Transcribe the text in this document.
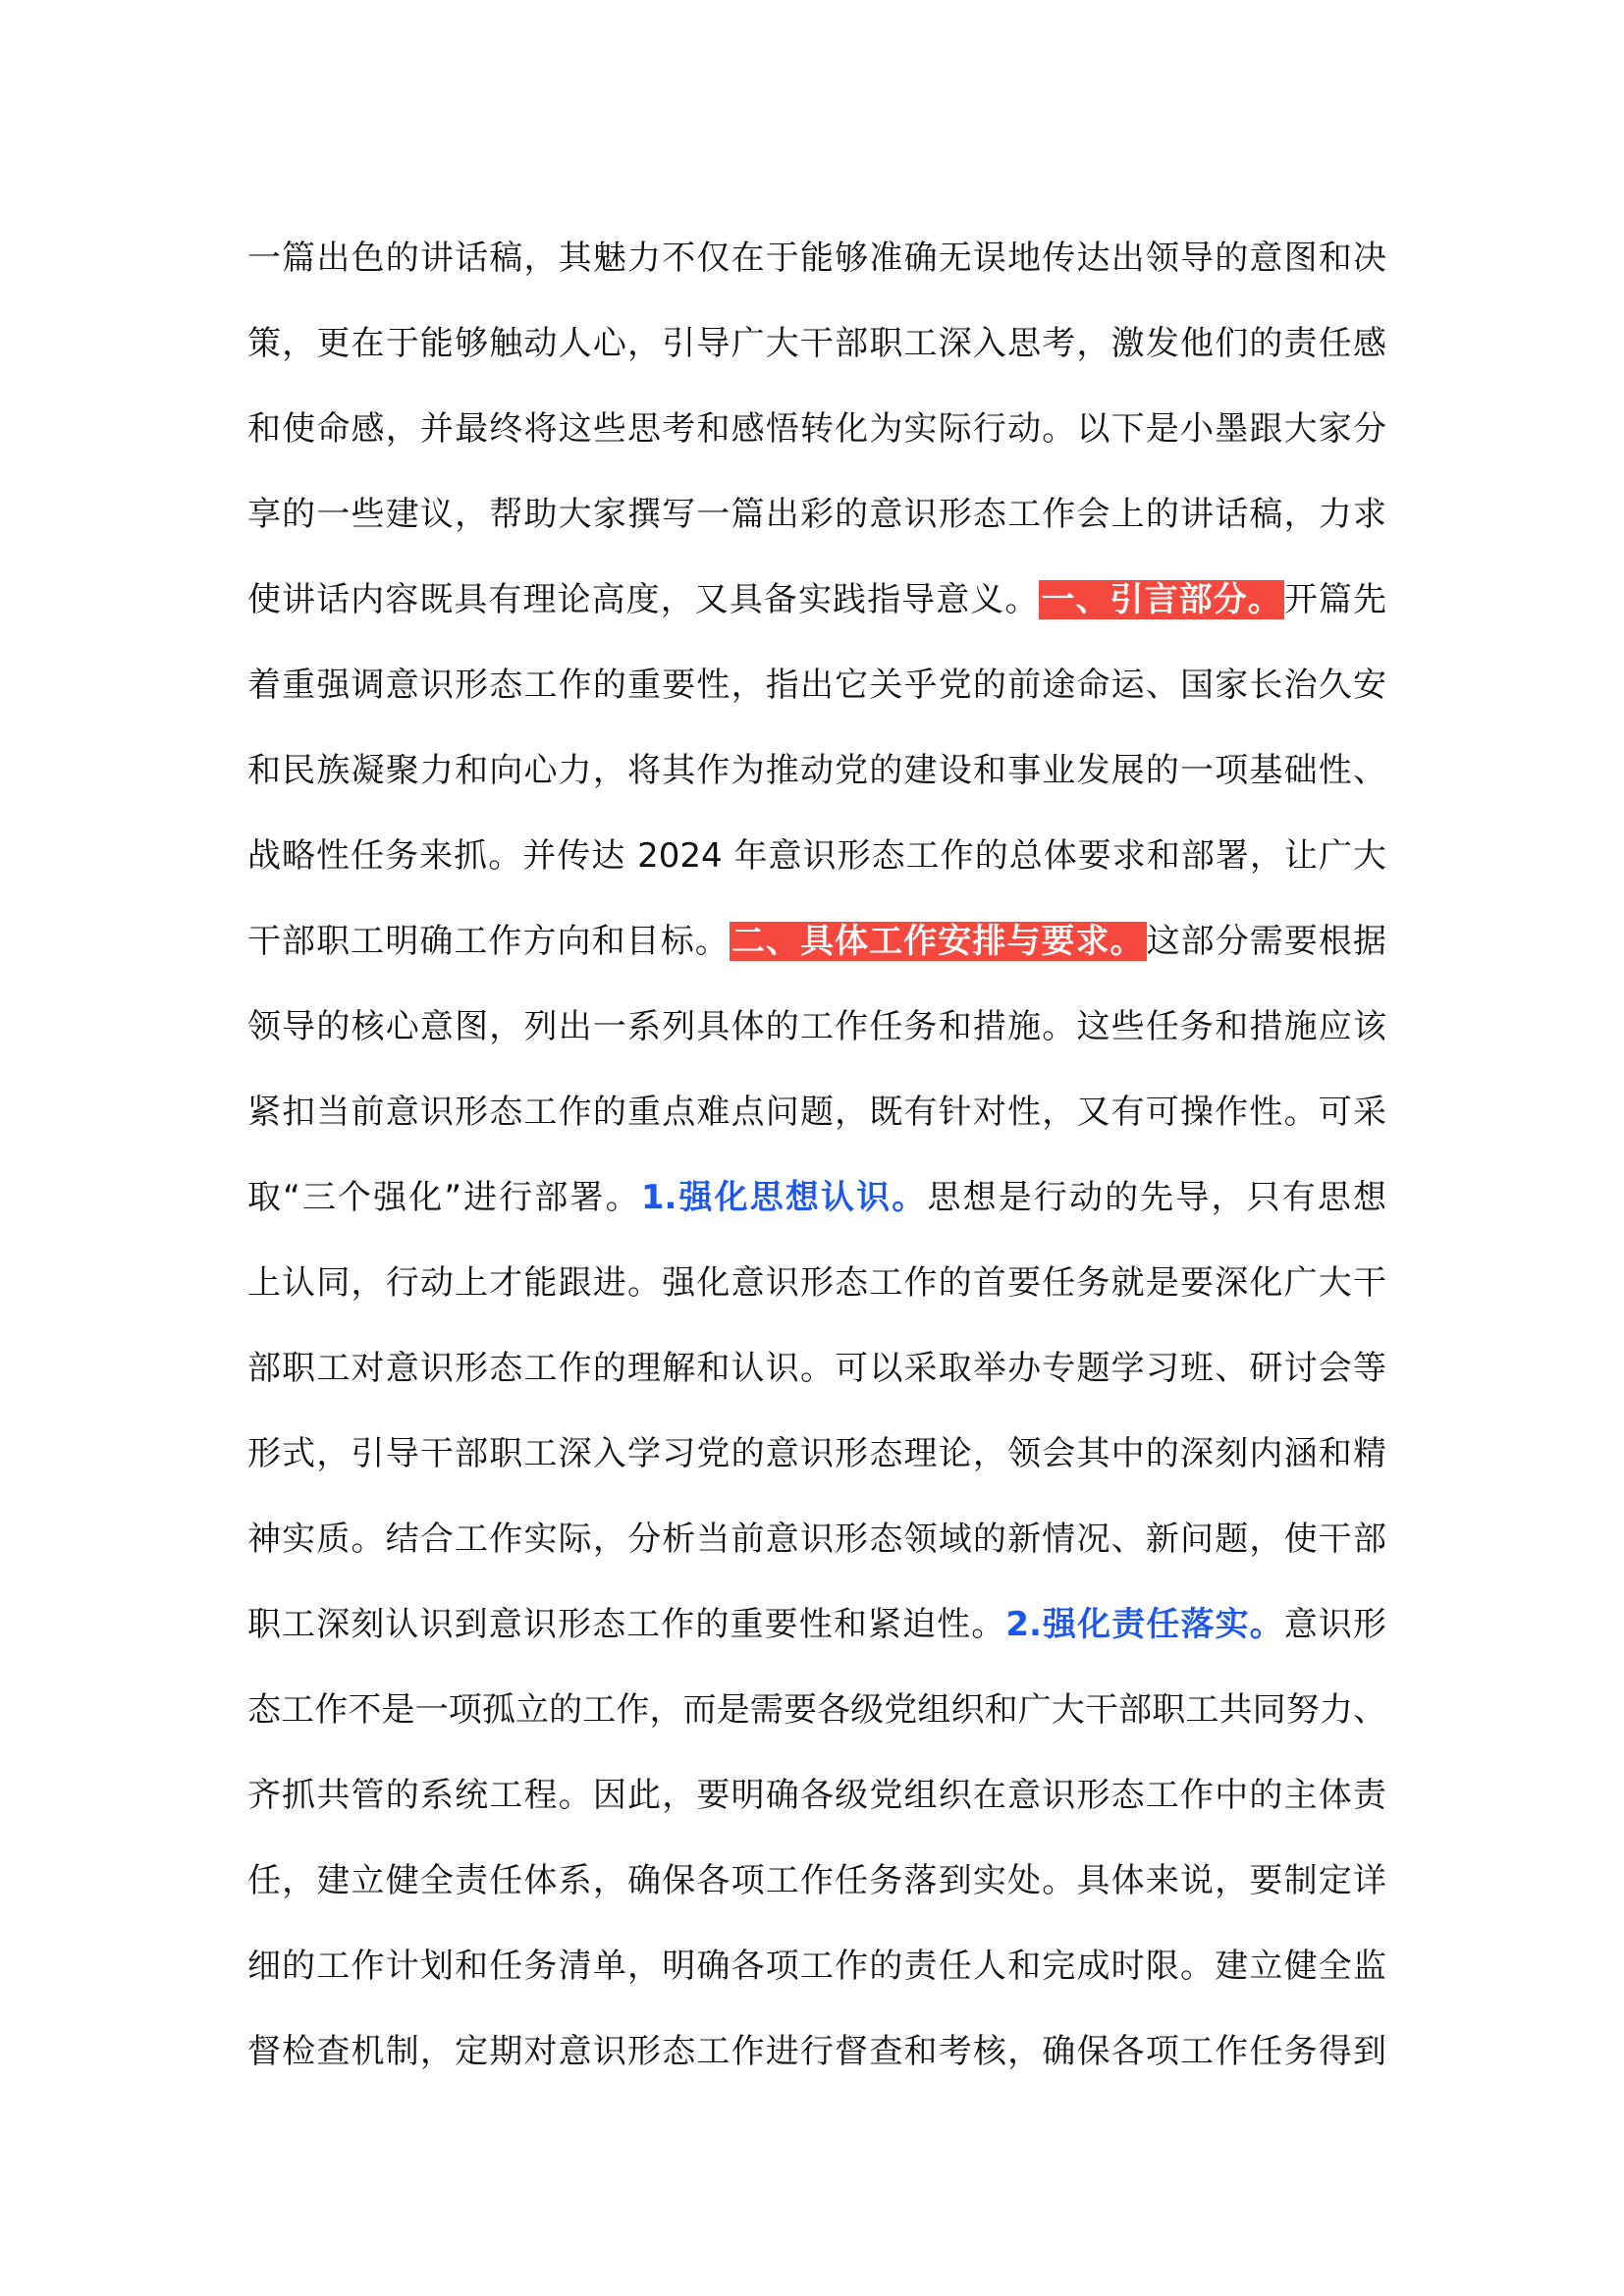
一篇出色的讲话稿，其魅力不仅在于能够准确无误地传达出领导的意图和决
策，更在于能够触动人心，引导广大干部职工深入思考，激发他们的责任感
和使命感，并最终将这些思考和感悟转化为实际行动。以下是小墨跟大家分
享的一些建议，帮助大家撰写一篇出彩的意识形态工作会上的讲话稿，力求
使讲话内容既具有理论高度，又具备实践指导意义。一、引言部分。开篇先
着重强调意识形态工作的重要性，指出它关乎党的前途命运、国家长治久安
和民族凝聚力和向心力，将其作为推动党的建设和事业发展的一项基础性、
战略性任务来抓。并传达 2024 年意识形态工作的总体要求和部署，让广大
干部职工明确工作方向和目标。二、具体工作安排与要求。这部分需要根据
领导的核心意图，列出一系列具体的工作任务和措施。这些任务和措施应该
紧扣当前意识形态工作的重点难点问题，既有针对性，又有可操作性。可采
取“三个强化”进行部署。1.强化思想认识。思想是行动的先导，只有思想
上认同，行动上才能跟进。强化意识形态工作的首要任务就是要深化广大干
部职工对意识形态工作的理解和认识。可以采取举办专题学习班、研讨会等
形式，引导干部职工深入学习党的意识形态理论，领会其中的深刻内涵和精
神实质。结合工作实际，分析当前意识形态领域的新情况、新问题，使干部
职工深刻认识到意识形态工作的重要性和紧迫性。2.强化责任落实。意识形
态工作不是一项孤立的工作，而是需要各级党组织和广大干部职工共同努力、
齐抓共管的系统工程。因此，要明确各级党组织在意识形态工作中的主体责
任，建立健全责任体系，确保各项工作任务落到实处。具体来说，要制定详
细的工作计划和任务清单，明确各项工作的责任人和完成时限。建立健全监
督检查机制，定期对意识形态工作进行督查和考核，确保各项工作任务得到
